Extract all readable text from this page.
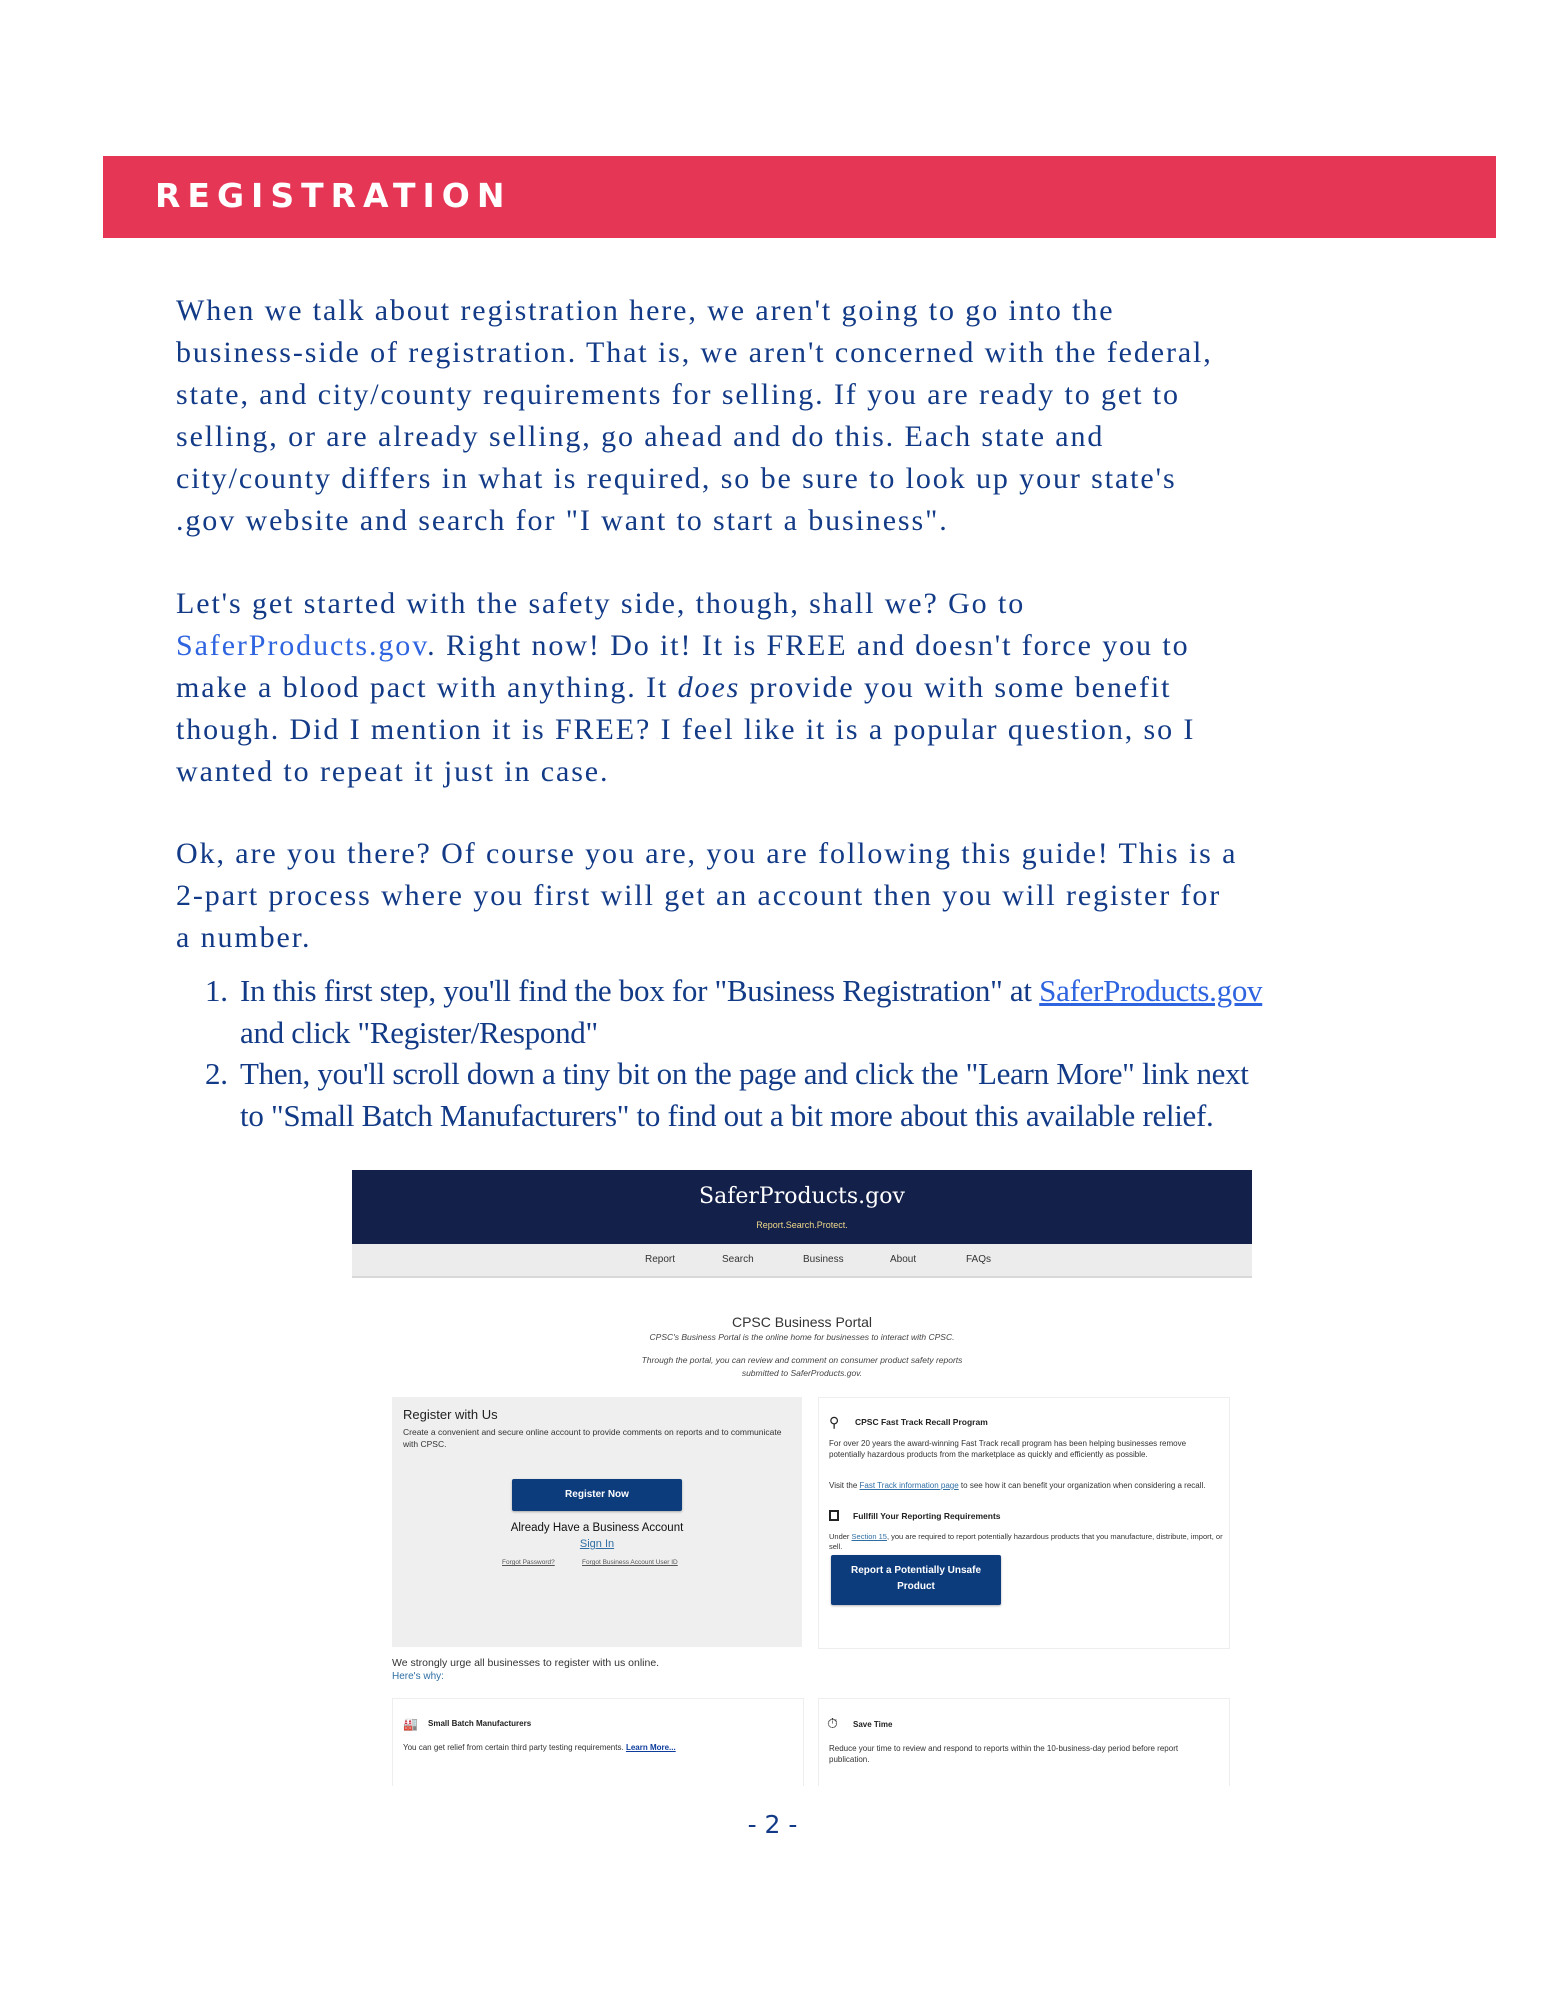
REGISTRATION
When we talk about registration here, we aren't going to go into the
business-side of registration. That is, we aren't concerned with the federal,
state, and city/county requirements for selling. If you are ready to get to
selling, or are already selling, go ahead and do this. Each state and
city/county differs in what is required, so be sure to look up your state's
.gov website and search for "I want to start a business".
Let's get started with the safety side, though, shall we? Go to
SaferProducts.gov. Right now! Do it! It is FREE and doesn't force you to
make a blood pact with anything. It does provide you with some benefit
though. Did I mention it is FREE? I feel like it is a popular question, so I
wanted to repeat it just in case.
Ok, are you there? Of course you are, you are following this guide! This is a
2-part process where you first will get an account then you will register for
a number.
1. In this first step, you'll find the box for "Business Registration" at SaferProducts.gov
and click "Register/Respond"
2. Then, you'll scroll down a tiny bit on the page and click the "Learn More" link next
to "Small Batch Manufacturers" to find out a bit more about this available relief.
SaferProducts.gov
Report.Search.Protect.
Report	Search	Business	About	FAQs
CPSC Business Portal
CPSC's Business Portal is the online home for businesses to interact with CPSC.
Through the portal, you can review and comment on consumer product safety reports
submitted to SaferProducts.gov.
Register with Us
Create a convenient and secure online account to provide comments on reports and to communicate with CPSC.
Register Now
Already Have a Business Account
Sign In
Forgot Password?	Forgot Business Account User ID
⚲ CPSC Fast Track Recall Program
For over 20 years the award-winning Fast Track recall program has been helping businesses remove potentially hazardous products from the marketplace as quickly and efficiently as possible.
Visit the Fast Track information page to see how it can benefit your organization when considering a recall.
Fullfill Your Reporting Requirements
Under Section 15, you are required to report potentially hazardous products that you manufacture, distribute, import, or sell.
Report a Potentially Unsafe Product
We strongly urge all businesses to register with us online.
Here's why:
🏭 Small Batch Manufacturers
You can get relief from certain third party testing requirements. Learn More...
⏱ Save Time
Reduce your time to review and respond to reports within the 10-business-day period before report publication.
- 2 -
